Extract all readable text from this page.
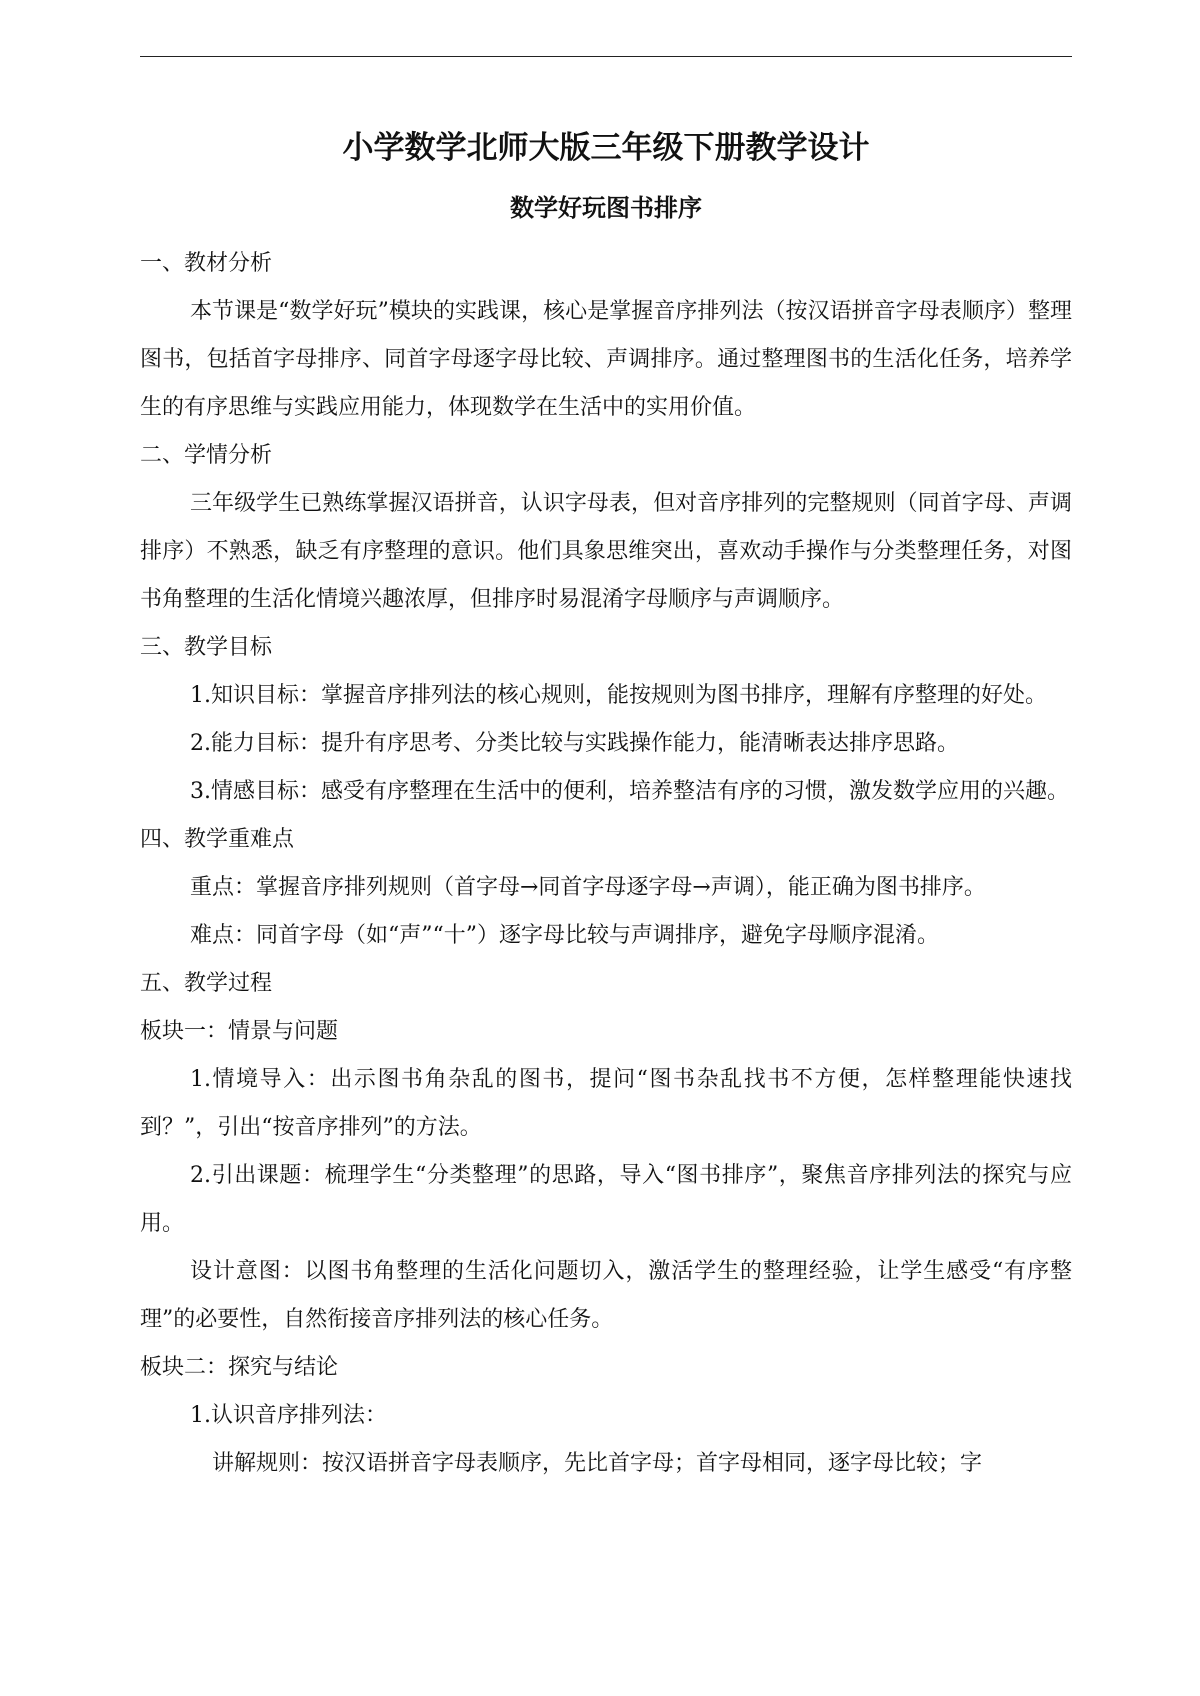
小学数学北师大版三年级下册教学设计

数学好玩图书排序

一、教材分析

本节课是“数学好玩”模块的实践课，核心是掌握音序排列法（按汉语拼音字母表顺序）整理图书，包括首字母排序、同首字母逐字母比较、声调排序。通过整理图书的生活化任务，培养学生的有序思维与实践应用能力，体现数学在生活中的实用价值。

二、学情分析

三年级学生已熟练掌握汉语拼音，认识字母表，但对音序排列的完整规则（同首字母、声调排序）不熟悉，缺乏有序整理的意识。他们具象思维突出，喜欢动手操作与分类整理任务，对图书角整理的生活化情境兴趣浓厚，但排序时易混淆字母顺序与声调顺序。

三、教学目标

1.知识目标：掌握音序排列法的核心规则，能按规则为图书排序，理解有序整理的好处。

2.能力目标：提升有序思考、分类比较与实践操作能力，能清晰表达排序思路。

3.情感目标：感受有序整理在生活中的便利，培养整洁有序的习惯，激发数学应用的兴趣。

四、教学重难点

重点：掌握音序排列规则（首字母→同首字母逐字母→声调），能正确为图书排序。

难点：同首字母（如“声”“十”）逐字母比较与声调排序，避免字母顺序混淆。

五、教学过程

板块一：情景与问题

1.情境导入：出示图书角杂乱的图书，提问“图书杂乱找书不方便，怎样整理能快速找到？”，引出“按音序排列”的方法。

2.引出课题：梳理学生“分类整理”的思路，导入“图书排序”，聚焦音序排列法的探究与应用。

设计意图：以图书角整理的生活化问题切入，激活学生的整理经验，让学生感受“有序整理”的必要性，自然衔接音序排列法的核心任务。

板块二：探究与结论

1.认识音序排列法：

讲解规则：按汉语拼音字母表顺序，先比首字母；首字母相同，逐字母比较；字
